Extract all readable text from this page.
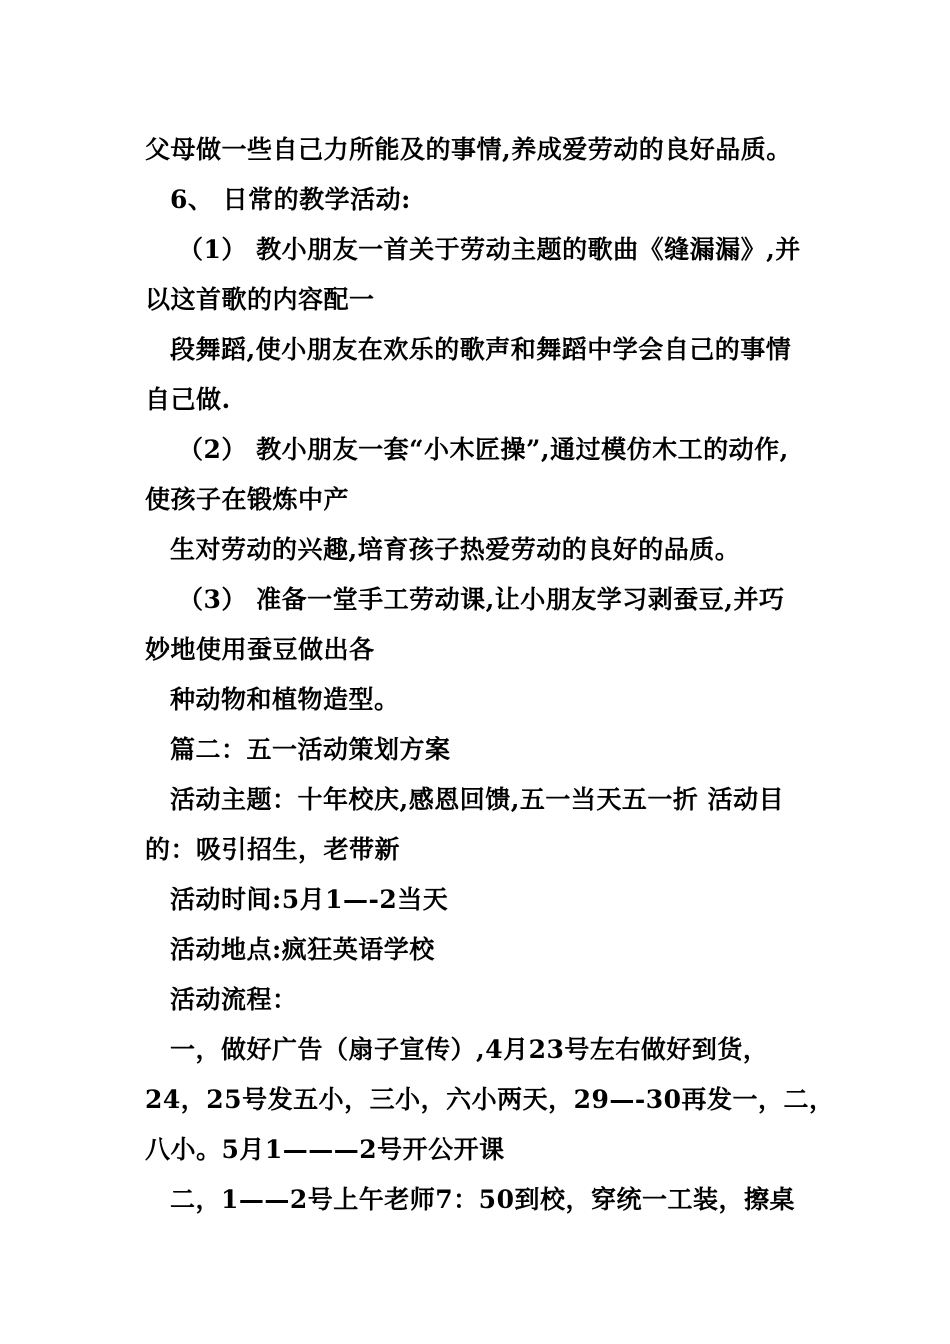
父母做一些自己力所能及的事情,养成爱劳动的良好品质。
6、 日常的教学活动:
（1） 教小朋友一首关于劳动主题的歌曲《缝漏漏》,并
以这首歌的内容配一
段舞蹈,使小朋友在欢乐的歌声和舞蹈中学会自己的事情
自己做.
（2） 教小朋友一套“小木匠操”,通过模仿木工的动作,
使孩子在锻炼中产
生对劳动的兴趣,培育孩子热爱劳动的良好的品质。
（3） 准备一堂手工劳动课,让小朋友学习剥蚕豆,并巧
妙地使用蚕豆做出各
种动物和植物造型。
篇二：五一活动策划方案
活动主题：十年校庆,感恩回馈,五一当天五一折 活动目
的：吸引招生，老带新
活动时间:5月1—-2当天
活动地点:疯狂英语学校
活动流程：
一，做好广告（扇子宣传）,4月23号左右做好到货，
24，25号发五小，三小，六小两天，29—-30再发一，二，
八小。5月1———2号开公开课
二，1——2号上午老师7：50到校，穿统一工装，擦桌
